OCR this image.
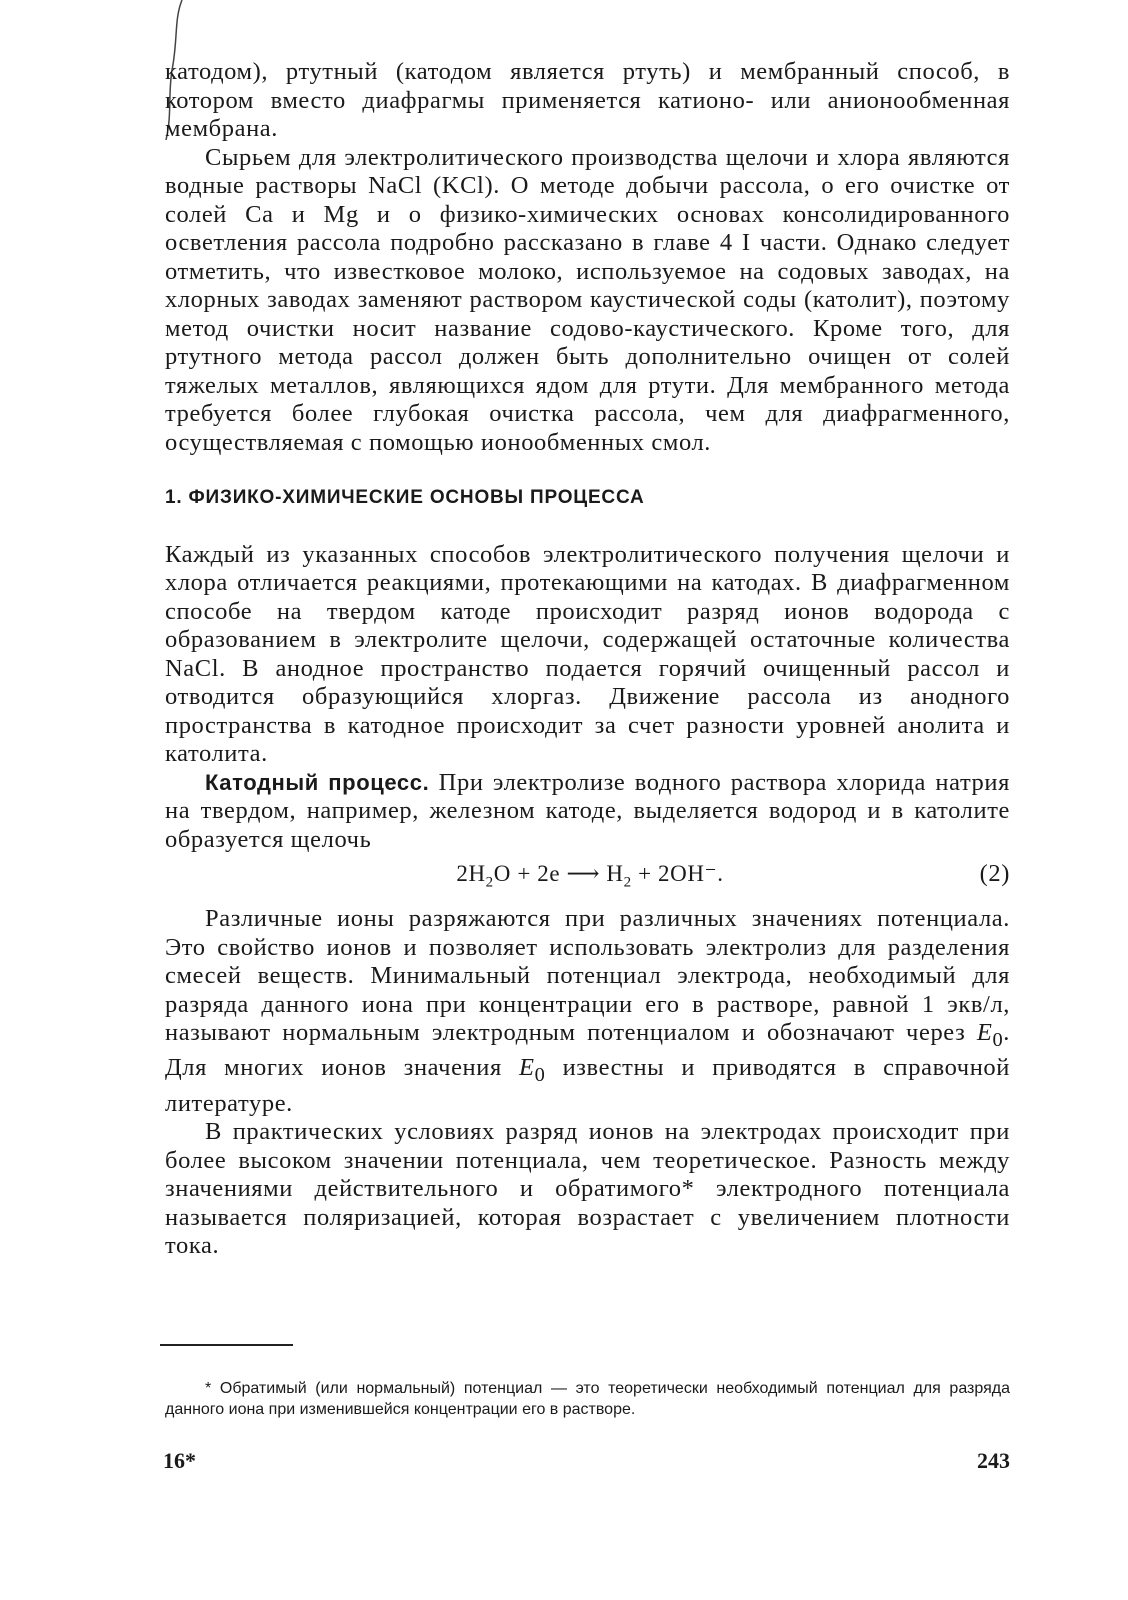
катодом), ртутный (катодом является ртуть) и мембранный способ, в котором вместо диафрагмы применяется катионо- или анионообменная мембрана.

Сырьем для электролитического производства щелочи и хлора являются водные растворы NaCl (KCl). О методе добычи рассола, о его очистке от солей Ca и Mg и о физико-химических основах консолидированного осветления рассола подробно рассказано в главе 4 I части. Однако следует отметить, что известковое молоко, используемое на содовых заводах, на хлорных заводах заменяют раствором каустической соды (католит), поэтому метод очистки носит название содово-каустического. Кроме того, для ртутного метода рассол должен быть дополнительно очищен от солей тяжелых металлов, являющихся ядом для ртути. Для мембранного метода требуется более глубокая очистка рассола, чем для диафрагменного, осуществляемая с помощью ионообменных смол.

1. ФИЗИКО-ХИМИЧЕСКИЕ ОСНОВЫ ПРОЦЕССА

Каждый из указанных способов электролитического получения щелочи и хлора отличается реакциями, протекающими на катодах. В диафрагменном способе на твердом катоде происходит разряд ионов водорода с образованием в электролите щелочи, содержащей остаточные количества NaCl. В анодное пространство подается горячий очищенный рассол и отводится образующийся хлоргаз. Движение рассола из анодного пространства в катодное происходит за счет разности уровней анолита и католита.

Катодный процесс. При электролизе водного раствора хлорида натрия на твердом, например, железном катоде, выделяется водород и в католите образуется щелочь

$2H_2O + 2e$ ⟶ $H_2 + 2OH^-$.	(2)

Различные ионы разряжаются при различных значениях потенциала. Это свойство ионов и позволяет использовать электролиз для разделения смесей веществ. Минимальный потенциал электрода, необходимый для разряда данного иона при концентрации его в растворе, равной 1 экв/л, называют нормальным электродным потенциалом и обозначают через $E_0$. Для многих ионов значения $E_0$ известны и приводятся в справочной литературе.

В практических условиях разряд ионов на электродах происходит при более высоком значении потенциала, чем теоретическое. Разность между значениями действительного и обратимого* электродного потенциала называется поляризацией, которая возрастает с увеличением плотности тока.

* Обратимый (или нормальный) потенциал — это теоретически необходимый потенциал для разряда данного иона при изменившейся концентрации его в растворе.

16*	243
